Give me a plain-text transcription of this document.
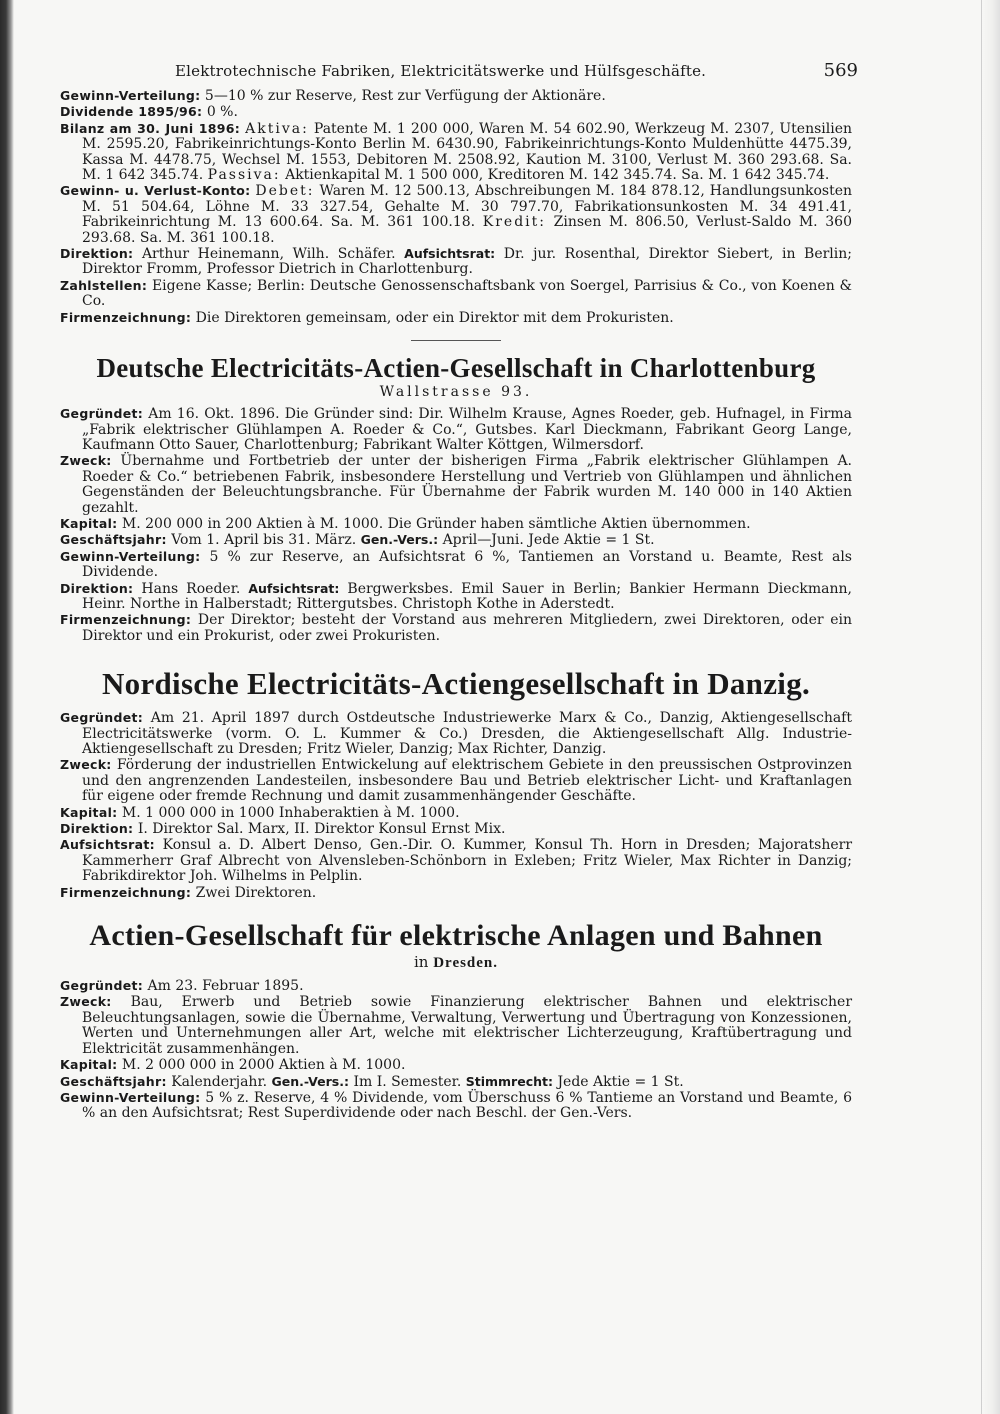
Elektrotechnische Fabriken, Elektricitätswerke und Hülfsgeschäfte.	569

Gewinn-Verteilung: 5—10 % zur Reserve, Rest zur Verfügung der Aktionäre.

Dividende 1895/96: 0 %.

Bilanz am 30. Juni 1896: Aktiva: Patente M. 1 200 000, Waren M. 54 602.90, Werkzeug M. 2307, Utensilien M. 2595.20, Fabrikeinrichtungs-Konto Berlin M. 6430.90, Fabrikeinrichtungs-Konto Muldenhütte 4475.39, Kassa M. 4478.75, Wechsel M. 1553, Debitoren M. 2508.92, Kaution M. 3100, Verlust M. 360 293.68. Sa. M. 1 642 345.74. Passiva: Aktienkapital M. 1 500 000, Kreditoren M. 142 345.74. Sa. M. 1 642 345.74.

Gewinn- u. Verlust-Konto: Debet: Waren M. 12 500.13, Abschreibungen M. 184 878.12, Handlungsunkosten M. 51 504.64, Löhne M. 33 327.54, Gehalte M. 30 797.70, Fabrikationsunkosten M. 34 491.41, Fabrikeinrichtung M. 13 600.64. Sa. M. 361 100.18. Kredit: Zinsen M. 806.50, Verlust-Saldo M. 360 293.68. Sa. M. 361 100.18.

Direktion: Arthur Heinemann, Wilh. Schäfer. Aufsichtsrat: Dr. jur. Rosenthal, Direktor Siebert, in Berlin; Direktor Fromm, Professor Dietrich in Charlottenburg.

Zahlstellen: Eigene Kasse; Berlin: Deutsche Genossenschaftsbank von Soergel, Parrisius & Co., von Koenen & Co.

Firmenzeichnung: Die Direktoren gemeinsam, oder ein Direktor mit dem Prokuristen.

Deutsche Electricitäts-Actien-Gesellschaft in Charlottenburg
Wallstrasse 93.

Gegründet: Am 16. Okt. 1896. Die Gründer sind: Dir. Wilhelm Krause, Agnes Roeder, geb. Hufnagel, in Firma „Fabrik elektrischer Glühlampen A. Roeder & Co.“, Gutsbes. Karl Dieckmann, Fabrikant Georg Lange, Kaufmann Otto Sauer, Charlottenburg; Fabrikant Walter Köttgen, Wilmersdorf.

Zweck: Übernahme und Fortbetrieb der unter der bisherigen Firma „Fabrik elektrischer Glühlampen A. Roeder & Co.“ betriebenen Fabrik, insbesondere Herstellung und Vertrieb von Glühlampen und ähnlichen Gegenständen der Beleuchtungsbranche. Für Übernahme der Fabrik wurden M. 140 000 in 140 Aktien gezahlt.

Kapital: M. 200 000 in 200 Aktien à M. 1000. Die Gründer haben sämtliche Aktien übernommen.

Geschäftsjahr: Vom 1. April bis 31. März. Gen.-Vers.: April—Juni. Jede Aktie = 1 St.

Gewinn-Verteilung: 5 % zur Reserve, an Aufsichtsrat 6 %, Tantiemen an Vorstand u. Beamte, Rest als Dividende.

Direktion: Hans Roeder. Aufsichtsrat: Bergwerksbes. Emil Sauer in Berlin; Bankier Hermann Dieckmann, Heinr. Northe in Halberstadt; Rittergutsbes. Christoph Kothe in Aderstedt.

Firmenzeichnung: Der Direktor; besteht der Vorstand aus mehreren Mitgliedern, zwei Direktoren, oder ein Direktor und ein Prokurist, oder zwei Prokuristen.

Nordische Electricitäts-Actiengesellschaft in Danzig.

Gegründet: Am 21. April 1897 durch Ostdeutsche Industriewerke Marx & Co., Danzig, Aktiengesellschaft Electricitätswerke (vorm. O. L. Kummer & Co.) Dresden, die Aktiengesellschaft Allg. Industrie-Aktiengesellschaft zu Dresden; Fritz Wieler, Danzig; Max Richter, Danzig.

Zweck: Förderung der industriellen Entwickelung auf elektrischem Gebiete in den preussischen Ostprovinzen und den angrenzenden Landesteilen, insbesondere Bau und Betrieb elektrischer Licht- und Kraftanlagen für eigene oder fremde Rechnung und damit zusammenhängender Geschäfte.

Kapital: M. 1 000 000 in 1000 Inhaberaktien à M. 1000.

Direktion: I. Direktor Sal. Marx, II. Direktor Konsul Ernst Mix.

Aufsichtsrat: Konsul a. D. Albert Denso, Gen.-Dir. O. Kummer, Konsul Th. Horn in Dresden; Majoratsherr Kammerherr Graf Albrecht von Alvensleben-Schönborn in Exleben; Fritz Wieler, Max Richter in Danzig; Fabrikdirektor Joh. Wilhelms in Pelplin.

Firmenzeichnung: Zwei Direktoren.

Actien-Gesellschaft für elektrische Anlagen und Bahnen
in Dresden.

Gegründet: Am 23. Februar 1895.

Zweck: Bau, Erwerb und Betrieb sowie Finanzierung elektrischer Bahnen und elektrischer Beleuchtungsanlagen, sowie die Übernahme, Verwaltung, Verwertung und Übertragung von Konzessionen, Werten und Unternehmungen aller Art, welche mit elektrischer Lichterzeugung, Kraftübertragung und Elektricität zusammenhängen.

Kapital: M. 2 000 000 in 2000 Aktien à M. 1000.

Geschäftsjahr: Kalenderjahr. Gen.-Vers.: Im I. Semester. Stimmrecht: Jede Aktie = 1 St.

Gewinn-Verteilung: 5 % z. Reserve, 4 % Dividende, vom Überschuss 6 % Tantieme an Vorstand und Beamte, 6 % an den Aufsichtsrat; Rest Superdividende oder nach Beschl. der Gen.-Vers.
